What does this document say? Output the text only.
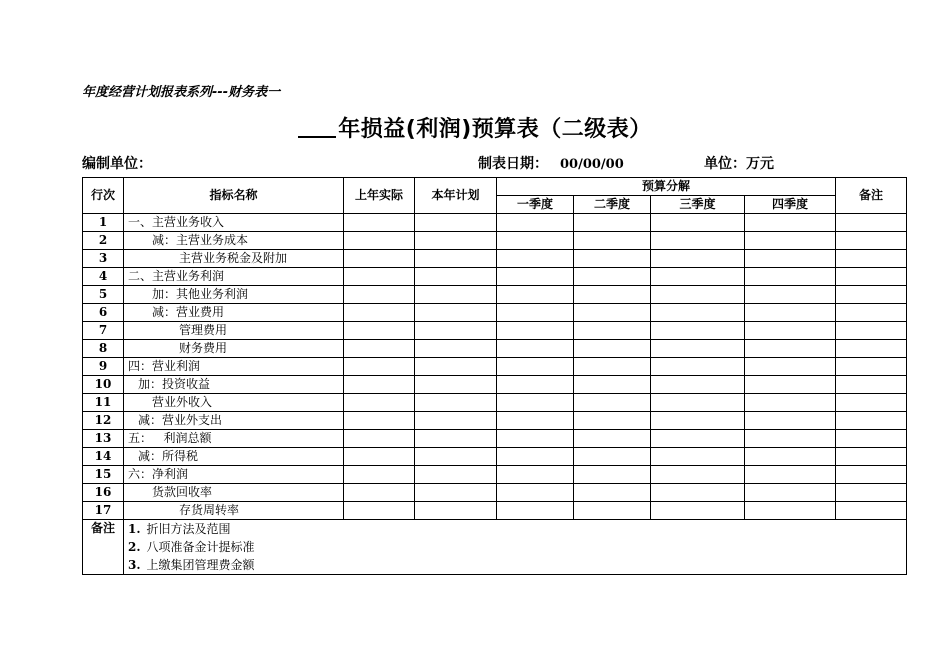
年度经营计划报表系列---财务表一
年损益(利润)预算表（二级表）
编制单位：	制表日期： 00/00/00	单位：万元
行次	指标名称	上年实际	本年计划	预算分解				备注
				一季度	二季度	三季度	四季度	
1	一、主营业务收入							
2	减：主营业务成本							
3	主营业务税金及附加							
4	二、主营业务利润							
5	加：其他业务利润							
6	减：营业费用							
7	管理费用							
8	财务费用							
9	四：营业利润							
10	加：投资收益							
11	营业外收入							
12	减：营业外支出							
13	五：   利润总额							
14	减：所得税							
15	六：净利润							
16	货款回收率							
17	存货周转率							
备注	1. 折旧方法及范围
2. 八项准备金计提标准
3. 上缴集团管理费金额							
